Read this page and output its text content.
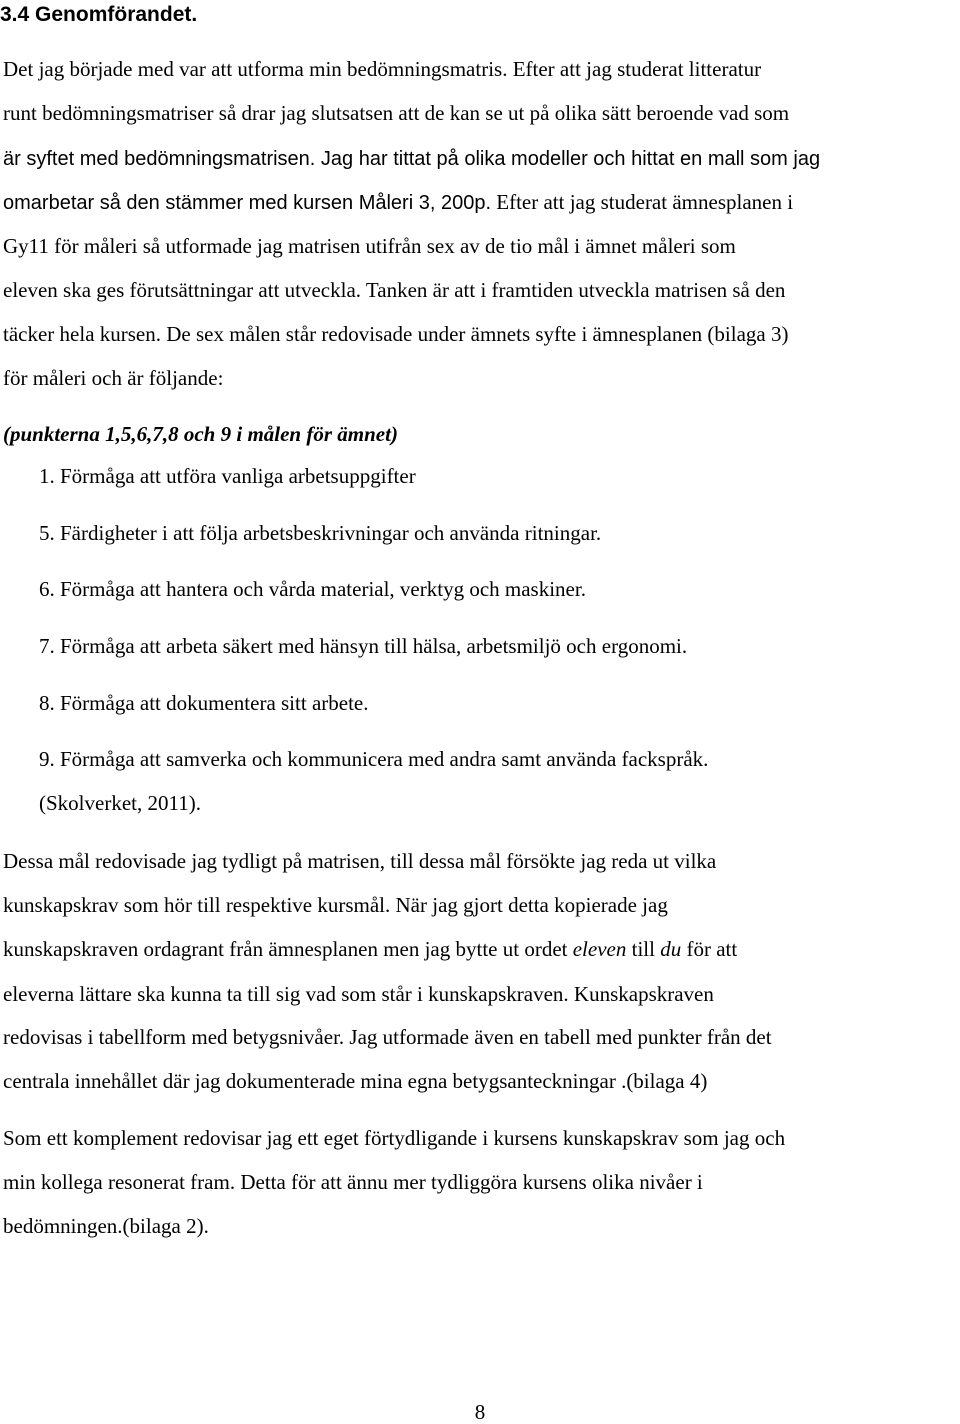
3.4 Genomförandet.
Det jag började med var att utforma min bedömningsmatris. Efter att jag studerat litteratur
runt bedömningsmatriser så drar jag slutsatsen att de kan se ut på olika sätt beroende vad som
är syftet med bedömningsmatrisen. Jag har tittat på olika modeller och hittat en mall som jag
omarbetar så den stämmer med kursen Måleri 3, 200p. Efter att jag studerat ämnesplanen i
Gy11 för måleri så utformade jag matrisen utifrån sex av de tio mål i ämnet måleri som
eleven ska ges förutsättningar att utveckla. Tanken är att i framtiden utveckla matrisen så den
täcker hela kursen. De sex målen står redovisade under ämnets syfte i ämnesplanen (bilaga 3)
för måleri och är följande:
(punkterna 1,5,6,7,8 och 9 i målen för ämnet)
1. Förmåga att utföra vanliga arbetsuppgifter
5. Färdigheter i att följa arbetsbeskrivningar och använda ritningar.
6. Förmåga att hantera och vårda material, verktyg och maskiner.
7. Förmåga att arbeta säkert med hänsyn till hälsa, arbetsmiljö och ergonomi.
8. Förmåga att dokumentera sitt arbete.
9. Förmåga att samverka och kommunicera med andra samt använda fackspråk.
(Skolverket, 2011).
Dessa mål redovisade jag tydligt på matrisen, till dessa mål försökte jag reda ut vilka
kunskapskrav som hör till respektive kursmål. När jag gjort detta kopierade jag
kunskapskraven ordagrant från ämnesplanen men jag bytte ut ordet eleven till du för att
eleverna lättare ska kunna ta till sig vad som står i kunskapskraven. Kunskapskraven
redovisas i tabellform med betygsnivåer. Jag utformade även en tabell med punkter från det
centrala innehållet där jag dokumenterade mina egna betygsanteckningar .(bilaga 4)
Som ett komplement redovisar jag ett eget förtydligande i kursens kunskapskrav som jag och
min kollega resonerat fram. Detta för att ännu mer tydliggöra kursens olika nivåer i
bedömningen.(bilaga 2).
8
